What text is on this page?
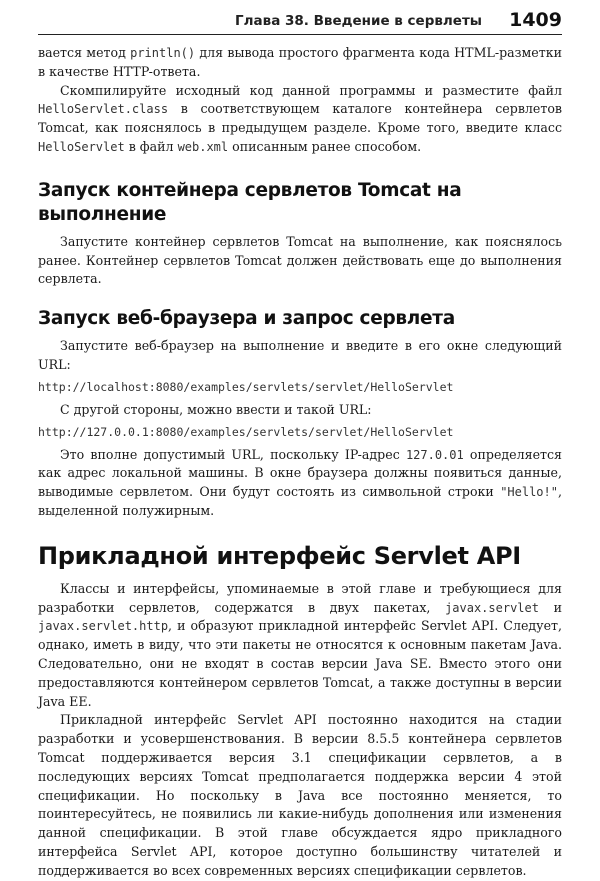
Глава 38. Введение в сервлеты 1409

вается метод println() для вывода простого фрагмента кода HTML-разметки в качестве HTTP-ответа.

Скомпилируйте исходный код данной программы и разместите файл HelloServlet.class в соответствующем каталоге контейнера сервлетов Tomcat, как пояснялось в предыдущем разделе. Кроме того, введите класс HelloServlet в файл web.xml описанным ранее способом.

Запуск контейнера сервлетов Tomcat на выполнение

Запустите контейнер сервлетов Tomcat на выполнение, как пояснялось ранее. Контейнер сервлетов Tomcat должен действовать еще до выполнения сервлета.

Запуск веб-браузера и запрос сервлета

Запустите веб-браузер на выполнение и введите в его окне следующий URL:

http://localhost:8080/examples/servlets/servlet/HelloServlet

С другой стороны, можно ввести и такой URL:

http://127.0.0.1:8080/examples/servlets/servlet/HelloServlet

Это вполне допустимый URL, поскольку IP-адрес 127.0.01 определяется как адрес локальной машины. В окне браузера должны появиться данные, выводимые сервлетом. Они будут состоять из символьной строки "Hello!", выделенной полужирным.

Прикладной интерфейс Servlet API

Классы и интерфейсы, упоминаемые в этой главе и требующиеся для разработки сервлетов, содержатся в двух пакетах, javax.servlet и javax.servlet.http, и образуют прикладной интерфейс Servlet API. Следует, однако, иметь в виду, что эти пакеты не относятся к основным пакетам Java. Следовательно, они не входят в состав версии Java SE. Вместо этого они предоставляются контейнером сервлетов Tomcat, а также доступны в версии Java EE.

Прикладной интерфейс Servlet API постоянно находится на стадии разработки и усовершенствования. В версии 8.5.5 контейнера сервлетов Tomcat поддерживается версия 3.1 спецификации сервлетов, а в последующих версиях Tomcat предполагается поддержка версии 4 этой спецификации. Но поскольку в Java все постоянно меняется, то поинтересуйтесь, не появились ли какие-нибудь дополнения или изменения данной спецификации. В этой главе обсуждается ядро прикладного интерфейса Servlet API, которое доступно большинству читателей и поддерживается во всех современных версиях спецификации сервлетов.
